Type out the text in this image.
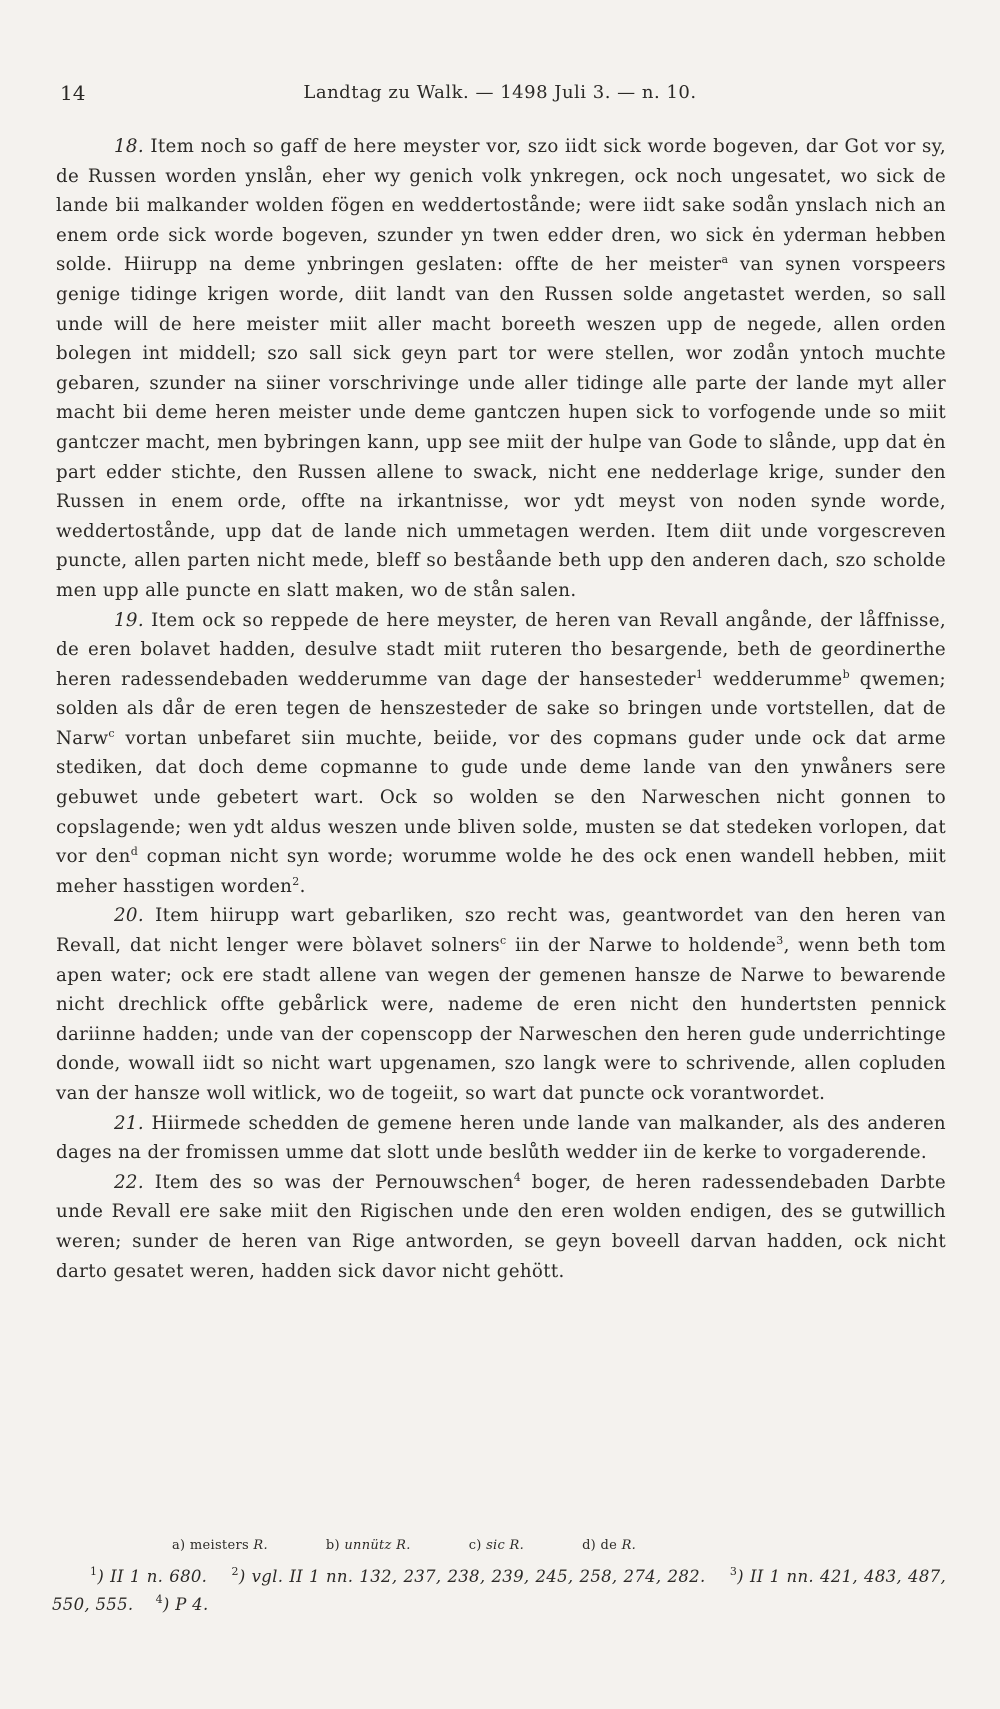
14	Landtag zu Walk. — 1498 Juli 3. — n. 10.

18. Item noch so gaff de here meyster vor, szo iidt sick worde bogeven, dar Got vor sy, de Russen worden ynslån, eher wy genich volk ynkregen, ock noch ungesatet, wo sick de lande bii malkander wolden fögen en weddertostånde; were iidt sake sodån ynslach nich an enem orde sick worde bogeven, szunder yn twen edder dren, wo sick ėn yderman hebben solde. Hiirupp na deme ynbringen geslaten: offte de her meister$^a$ van synen vorspeers genige tidinge krigen worde, diit landt van den Russen solde angetastet werden, so sall unde will de here meister miit aller macht boreeth weszen upp de negede, allen orden bolegen int middell; szo sall sick geyn part tor were stellen, wor zodån yntoch muchte gebaren, szunder na siiner vorschrivinge unde aller tidinge alle parte der lande myt aller macht bii deme heren meister unde deme gantczen hupen sick to vorfogende unde so miit gantczer macht, men bybringen kann, upp see miit der hulpe van Gode to slånde, upp dat ėn part edder stichte, den Russen allene to swack, nicht ene nedderlage krige, sunder den Russen in enem orde, offte na irkantnisse, wor ydt meyst von noden synde worde, weddertostånde, upp dat de lande nich ummetagen werden. Item diit unde vorgescreven puncte, allen parten nicht mede, bleff so beståande beth upp den anderen dach, szo scholde men upp alle puncte en slatt maken, wo de stån salen.

19. Item ock so reppede de here meyster, de heren van Revall angånde, der låffnisse, de eren bolavet hadden, desulve stadt miit ruteren tho besargende, beth de geordinerthe heren radessendebaden wedderumme van dage der hansesteder$^1$ wedderumme$^b$ qwemen; solden als dår de eren tegen de henszesteder de sake so bringen unde vortstellen, dat de Narw$^c$ vortan unbefaret siin muchte, beiide, vor des copmans guder unde ock dat arme stediken, dat doch deme copmanne to gude unde deme lande van den ynwåners sere gebuwet unde gebetert wart. Ock so wolden se den Narweschen nicht gonnen to copslagende; wen ydt aldus weszen unde bliven solde, musten se dat stedeken vorlopen, dat vor den$^d$ copman nicht syn worde; worumme wolde he des ock enen wandell hebben, miit meher hasstigen worden$^2$.

20. Item hiirupp wart gebarliken, szo recht was, geantwordet van den heren van Revall, dat nicht lenger were bòlavet solners$^c$ iin der Narwe to holdende$^3$, wenn beth tom apen water; ock ere stadt allene van wegen der gemenen hansze de Narwe to bewarende nicht drechlick offte gebårlick were, nademe de eren nicht den hundertsten pennick dariinne hadden; unde van der copenscopp der Narweschen den heren gude underrichtinge donde, wowall iidt so nicht wart upgenamen, szo langk were to schrivende, allen copluden van der hansze woll witlick, wo de togeiit, so wart dat puncte ock vorantwordet.

21. Hiirmede schedden de gemene heren unde lande van malkander, als des anderen dages na der fromissen umme dat slott unde beslůth wedder iin de kerke to vorgaderende.

22. Item des so was der Pernouwschen$^4$ boger, de heren radessendebaden Darbte unde Revall ere sake miit den Rigischen unde den eren wolden endigen, des se gutwillich weren; sunder de heren van Rige antworden, se geyn boveell darvan hadden, ock nicht darto gesatet weren, hadden sick davor nicht gehött.

a) meisters R.	b) unnütz R.	c) sic R.	d) de R.
$^1$) II 1 n. 680. $^2$) vgl. II 1 nn. 132, 237, 238, 239, 245, 258, 274, 282. $^3$) II 1 nn. 421, 483, 487, 550, 555. $^4$) P 4.
